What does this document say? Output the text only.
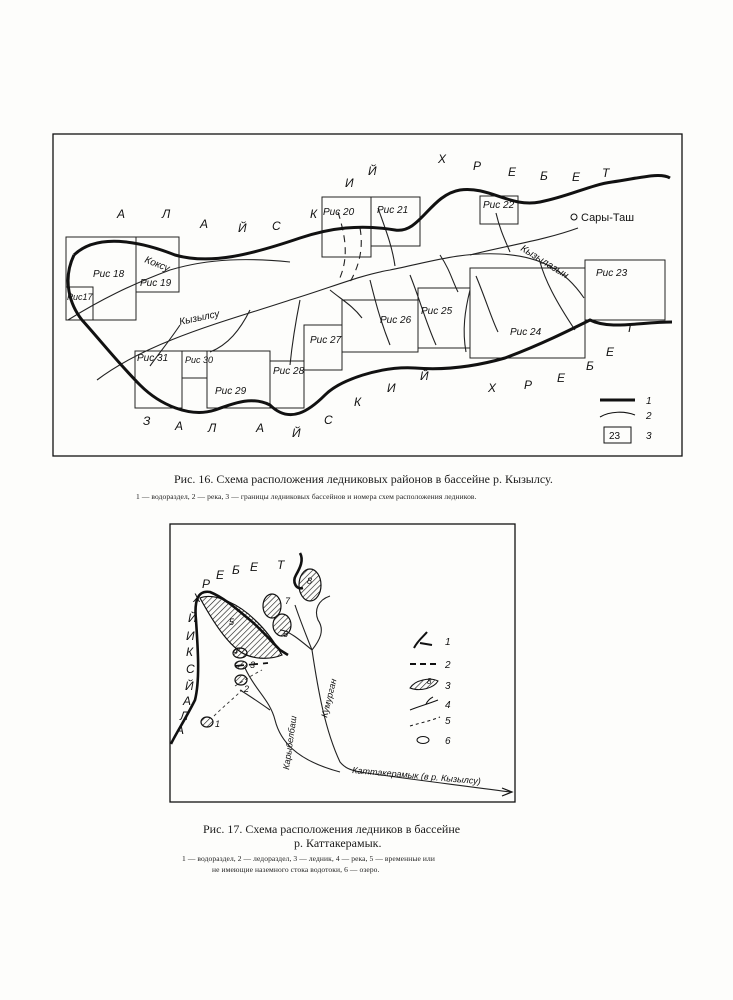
Х Р Е Б Е Т
А	Л
А Й С
К
И
Й
Х Р Е
Б
Е
Т
З А Л	А Й
С
К
И
Й
Рис17
Рис 18
Рис 19
Рис 20 Рис 21	Рис 22
Рис 23
Рис 24
Рис 25
Рис 26
Рис 27
Рис 28
Рис 29
Рис 30
Рис 31
Коксу
Кызылсу
Кызылагын
Сары-Таш
1
2
23	3
1
2
3
4
5
6
7
8
А
Л
А
Й
С
К
И
Й
Х
Р
Е Б Е Т
Кумурган
Карыбелбаш
Каттакерамык (в р. Кызылсу)
1
2
8 3
4
5
6
Рис. 16. Схема расположения ледниковых районов в бассейне р. Кызылсу.
1 — водораздел, 2 — река, 3 — границы ледниковых бассейнов и номера схем расположения ледников.
Рис. 17. Схема расположения ледников в бассейне
р. Каттакерамык.
1 — водораздел, 2 — ледораздел, 3 — ледник, 4 — река, 5 — временные или
не имеющие наземного стока водотоки, 6 — озеро.
